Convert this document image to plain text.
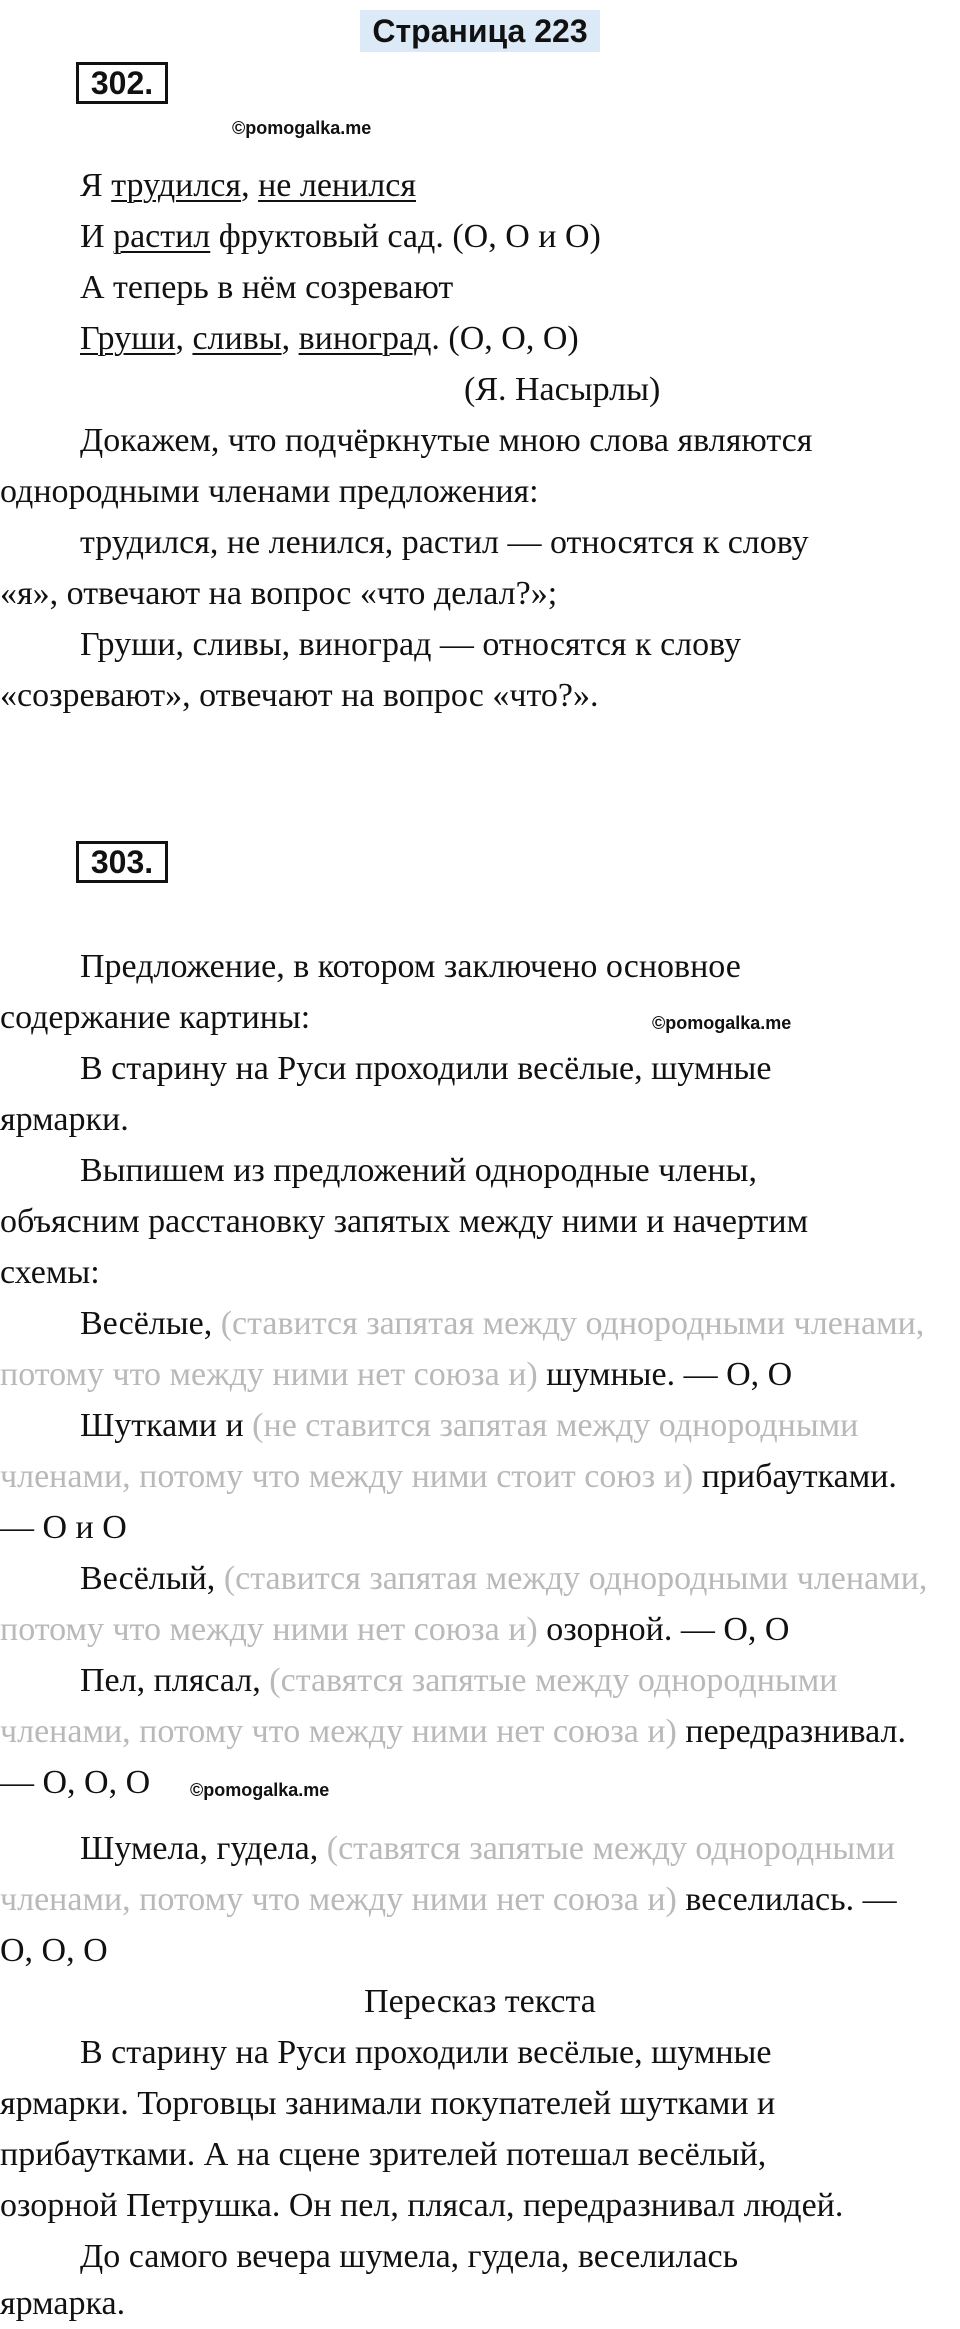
Страница 223
302.
©pomogalka.me
Я трудился, не ленился
И растил фруктовый сад. (О, О и О)
А теперь в нём созревают
Груши, сливы, виноград. (О, О, О)
(Я. Насырлы)
Докажем, что подчёркнутые мною слова являются
однородными членами предложения:
трудился, не ленился, растил — относятся к слову
«я», отвечают на вопрос «что делал?»;
Груши, сливы, виноград — относятся к слову
«созревают», отвечают на вопрос «что?».
303.
Предложение, в котором заключено основное
содержание картины:	©pomogalka.me
В старину на Руси проходили весёлые, шумные
ярмарки.
Выпишем из предложений однородные члены,
объясним расстановку запятых между ними и начертим
схемы:
Весёлые, (ставится запятая между однородными членами,
потому что между ними нет союза и) шумные. — О, О
Шутками и (не ставится запятая между однородными
членами, потому что между ними стоит союз и) прибаутками.
— О и О
Весёлый, (ставится запятая между однородными членами,
потому что между ними нет союза и) озорной. — О, О
Пел, плясал, (ставятся запятые между однородными
членами, потому что между ними нет союза и) передразнивал.
— О, О, О	©pomogalka.me
Шумела, гудела, (ставятся запятые между однородными
членами, потому что между ними нет союза и) веселилась. —
О, О, О
Пересказ текста
В старину на Руси проходили весёлые, шумные
ярмарки. Торговцы занимали покупателей шутками и
прибаутками. А на сцене зрителей потешал весёлый,
озорной Петрушка. Он пел, плясал, передразнивал людей.
До самого вечера шумела, гудела, веселилась
ярмарка.
